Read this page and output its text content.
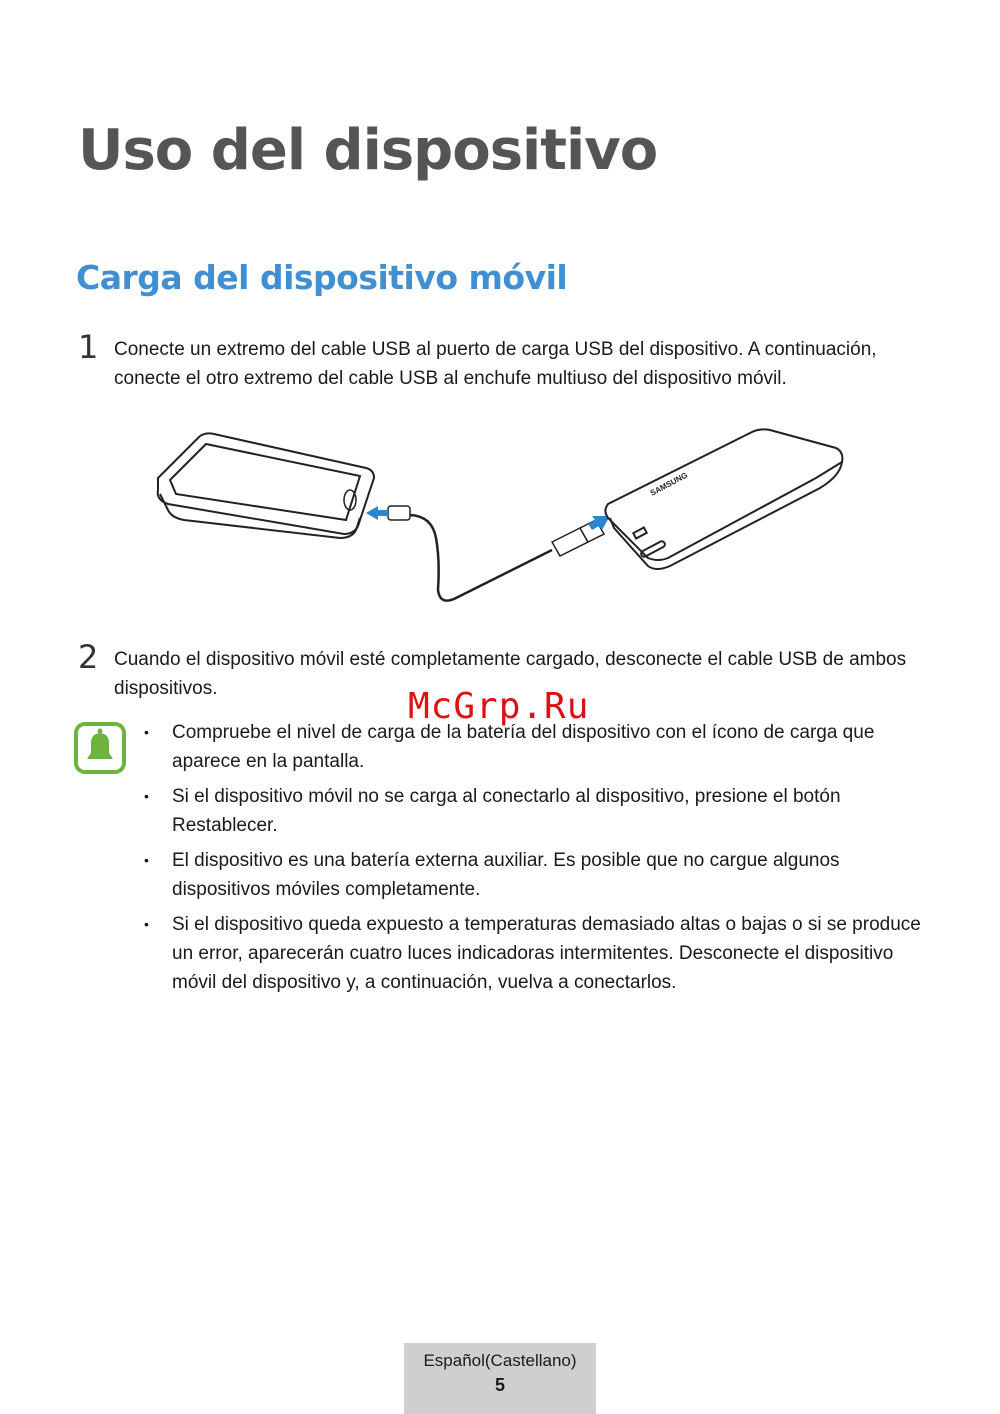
Uso del dispositivo
Carga del dispositivo móvil
1 Conecte un extremo del cable USB al puerto de carga USB del dispositivo. A continuación, conecte el otro extremo del cable USB al enchufe multiuso del dispositivo móvil.
SAMSUNG
2 Cuando el dispositivo móvil esté completamente cargado, desconecte el cable USB de ambos dispositivos.	McGrp.Ru
• Compruebe el nivel de carga de la batería del dispositivo con el ícono de carga que aparece en la pantalla.
• Si el dispositivo móvil no se carga al conectarlo al dispositivo, presione el botón Restablecer.
• El dispositivo es una batería externa auxiliar. Es posible que no cargue algunos dispositivos móviles completamente.
• Si el dispositivo queda expuesto a temperaturas demasiado altas o bajas o si se produce un error, aparecerán cuatro luces indicadoras intermitentes. Desconecte el dispositivo móvil del dispositivo y, a continuación, vuelva a conectarlos.
Español(Castellano)
5
